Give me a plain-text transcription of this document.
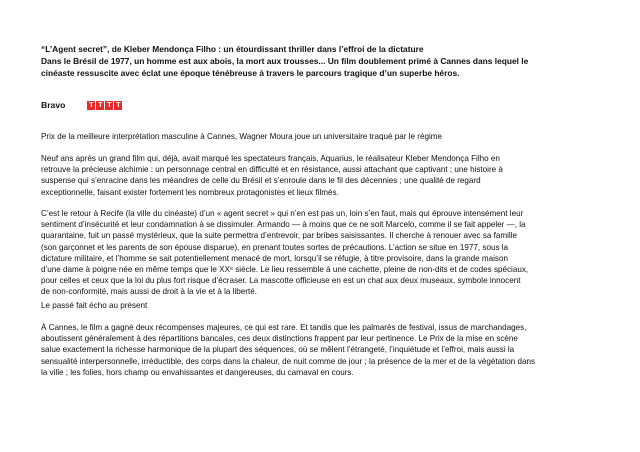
“L’Agent secret”, de Kleber Mendonça Filho : un étourdissant thriller dans l’effroi de la dictature
Dans le Brésil de 1977, un homme est aux abois, la mort aux trousses... Un film doublement primé à Cannes dans lequel le
cinéaste ressuscite avec éclat une époque ténébreuse à travers le parcours tragique d’un superbe héros.
Bravo	T T T T

Prix de la meilleure interprétation masculine à Cannes, Wagner Moura joue un universitaire traqué par le régime

Neuf ans après un grand film qui, déjà, avait marqué les spectateurs français, Aquarius, le réalisateur Kleber Mendonça Filho en
retrouve la précieuse alchimie : un personnage central en difficulté et en résistance, aussi attachant que captivant ; une histoire à
suspense qui s’enracine dans les méandres de celle du Brésil et s’enroule dans le fil des décennies ; une qualité de regard
exceptionnelle, faisant exister fortement les nombreux protagonistes et lieux filmés.

C’est le retour à Recife (la ville du cinéaste) d’un « agent secret » qui n’en est pas un, loin s’en faut, mais qui éprouve intensément leur
sentiment d’insécurité et leur condamnation à se dissimuler. Armando — à moins que ce ne soit Marcelo, comme il se fait appeler —, la
quarantaine, fuit un passé mystérieux, que la suite permettra d’entrevoir, par bribes saisissantes. Il cherche à renouer avec sa famille
(son garçonnet et les parents de son épouse disparue), en prenant toutes sortes de précautions. L’action se situe en 1977, sous la
dictature militaire, et l’homme se sait potentiellement menacé de mort, lorsqu’il se réfugie, à titre provisoire, dans la grande maison
d’une dame à poigne née en même temps que le XXᵉ siècle. Le lieu ressemble à une cachette, pleine de non-dits et de codes spéciaux,
pour celles et ceux que la loi du plus fort risque d’écraser. La mascotte officieuse en est un chat aux deux museaux, symbole innocent
de non-conformité, mais aussi de droit à la vie et à la liberté.

Le passé fait écho au présent

À Cannes, le film a gagné deux récompenses majeures, ce qui est rare. Et tandis que les palmarès de festival, issus de marchandages,
aboutissent généralement à des répartitions bancales, ces deux distinctions frappent par leur pertinence. Le Prix de la mise en scène
salue exactement la richesse harmonique de la plupart des séquences, où se mêlent l’étrangeté, l’inquiétude et l’effroi, mais aussi la
sensualité interpersonnelle, irréductible, des corps dans la chaleur, de nuit comme de jour ; la présence de la mer et de la végétation dans
la ville ; les folies, hors champ ou envahissantes et dangereuses, du carnaval en cours.
